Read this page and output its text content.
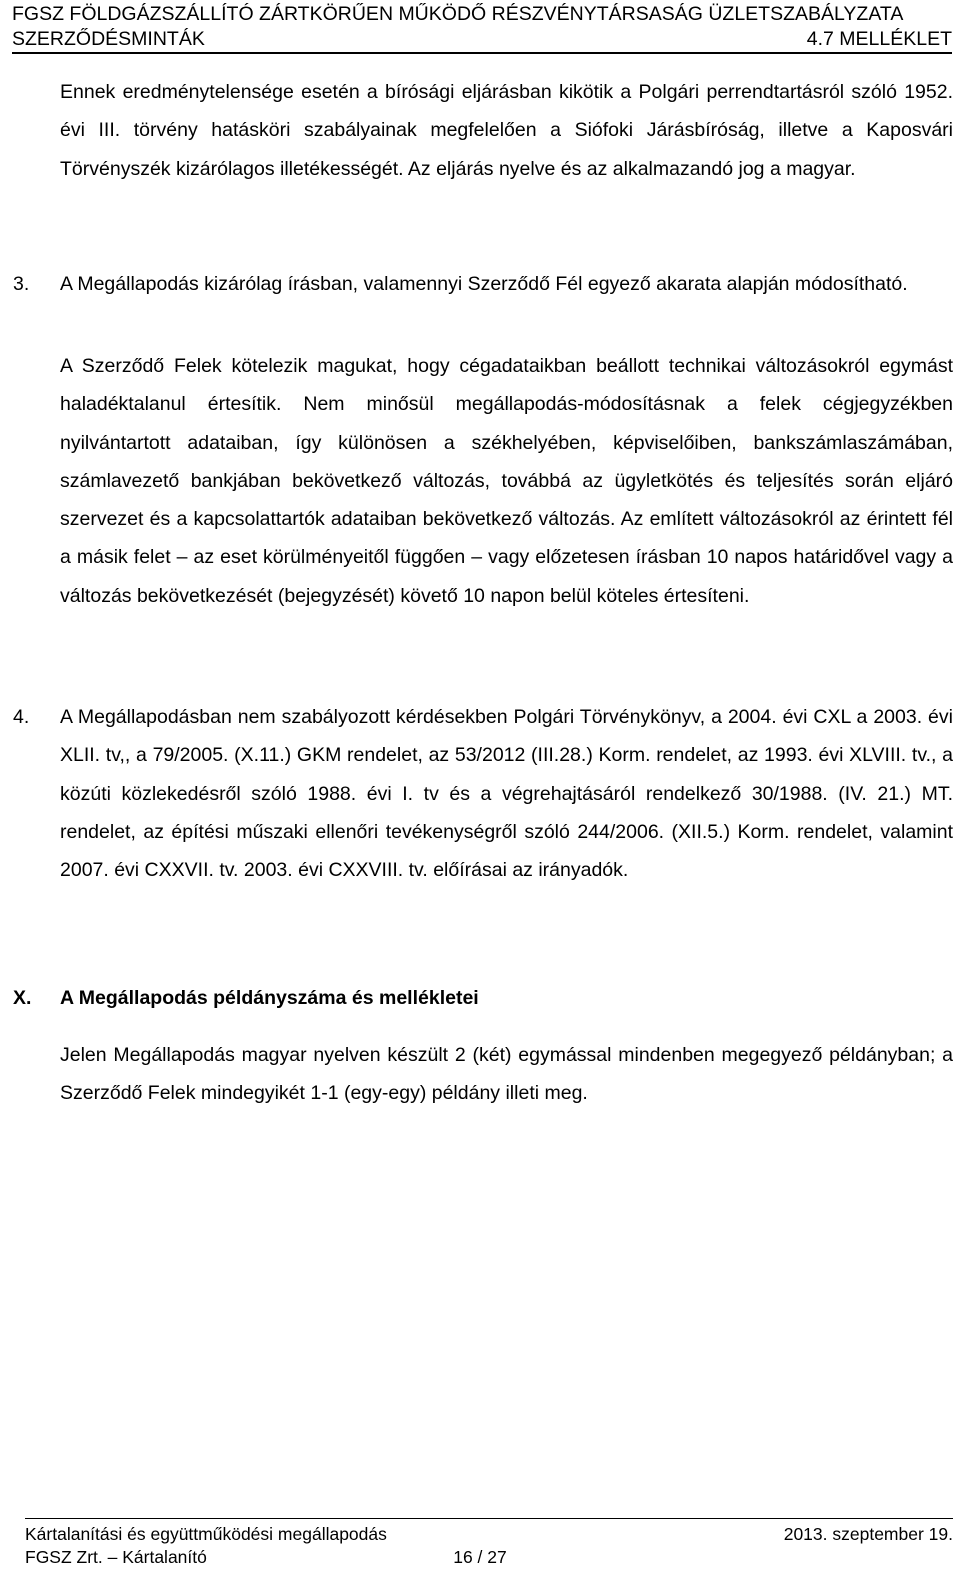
FGSZ FÖLDGÁZSZÁLLÍTÓ ZÁRTKÖRŰEN MŰKÖDŐ RÉSZVÉNYTÁRSASÁG ÜZLETSZABÁLYZATA
SZERZŐDÉSMINTÁK	4.7 MELLÉKLET

Ennek eredménytelensége esetén a bírósági eljárásban kikötik a Polgári perrendtartásról szóló 1952. évi III. törvény hatásköri szabályainak megfelelően a Siófoki Járásbíróság, illetve a Kaposvári Törvényszék kizárólagos illetékességét. Az eljárás nyelve és az alkalmazandó jog a magyar.

3. A Megállapodás kizárólag írásban, valamennyi Szerződő Fél egyező akarata alapján módosítható.

A Szerződő Felek kötelezik magukat, hogy cégadataikban beállott technikai változásokról egymást haladéktalanul értesítik. Nem minősül megállapodás-módosításnak a felek cégjegyzékben nyilvántartott adataiban, így különösen a székhelyében, képviselőiben, bankszámlaszámában, számlavezető bankjában bekövetkező változás, továbbá az ügyletkötés és teljesítés során eljáró szervezet és a kapcsolattartók adataiban bekövetkező változás. Az említett változásokról az érintett fél a másik felet – az eset körülményeitől függően – vagy előzetesen írásban 10 napos határidővel vagy a változás bekövetkezését (bejegyzését) követő 10 napon belül köteles értesíteni.

4. A Megállapodásban nem szabályozott kérdésekben Polgári Törvénykönyv, a 2004. évi CXL a 2003. évi XLII. tv,, a 79/2005. (X.11.) GKM rendelet, az 53/2012 (III.28.) Korm. rendelet, az 1993. évi XLVIII. tv., a közúti közlekedésről szóló 1988. évi I. tv és a végrehajtásáról rendelkező 30/1988. (IV. 21.) MT. rendelet, az építési műszaki ellenőri tevékenységről szóló 244/2006. (XII.5.) Korm. rendelet, valamint 2007. évi CXXVII. tv. 2003. évi CXXVIII. tv. előírásai az irányadók.

X. A Megállapodás példányszáma és mellékletei

Jelen Megállapodás magyar nyelven készült 2 (két) egymással mindenben megegyező példányban; a Szerződő Felek mindegyikét 1-1 (egy-egy) példány illeti meg.

Kártalanítási és együttműködési megállapodás	2013. szeptember 19.
FGSZ Zrt. – Kártalanító	16 / 27
